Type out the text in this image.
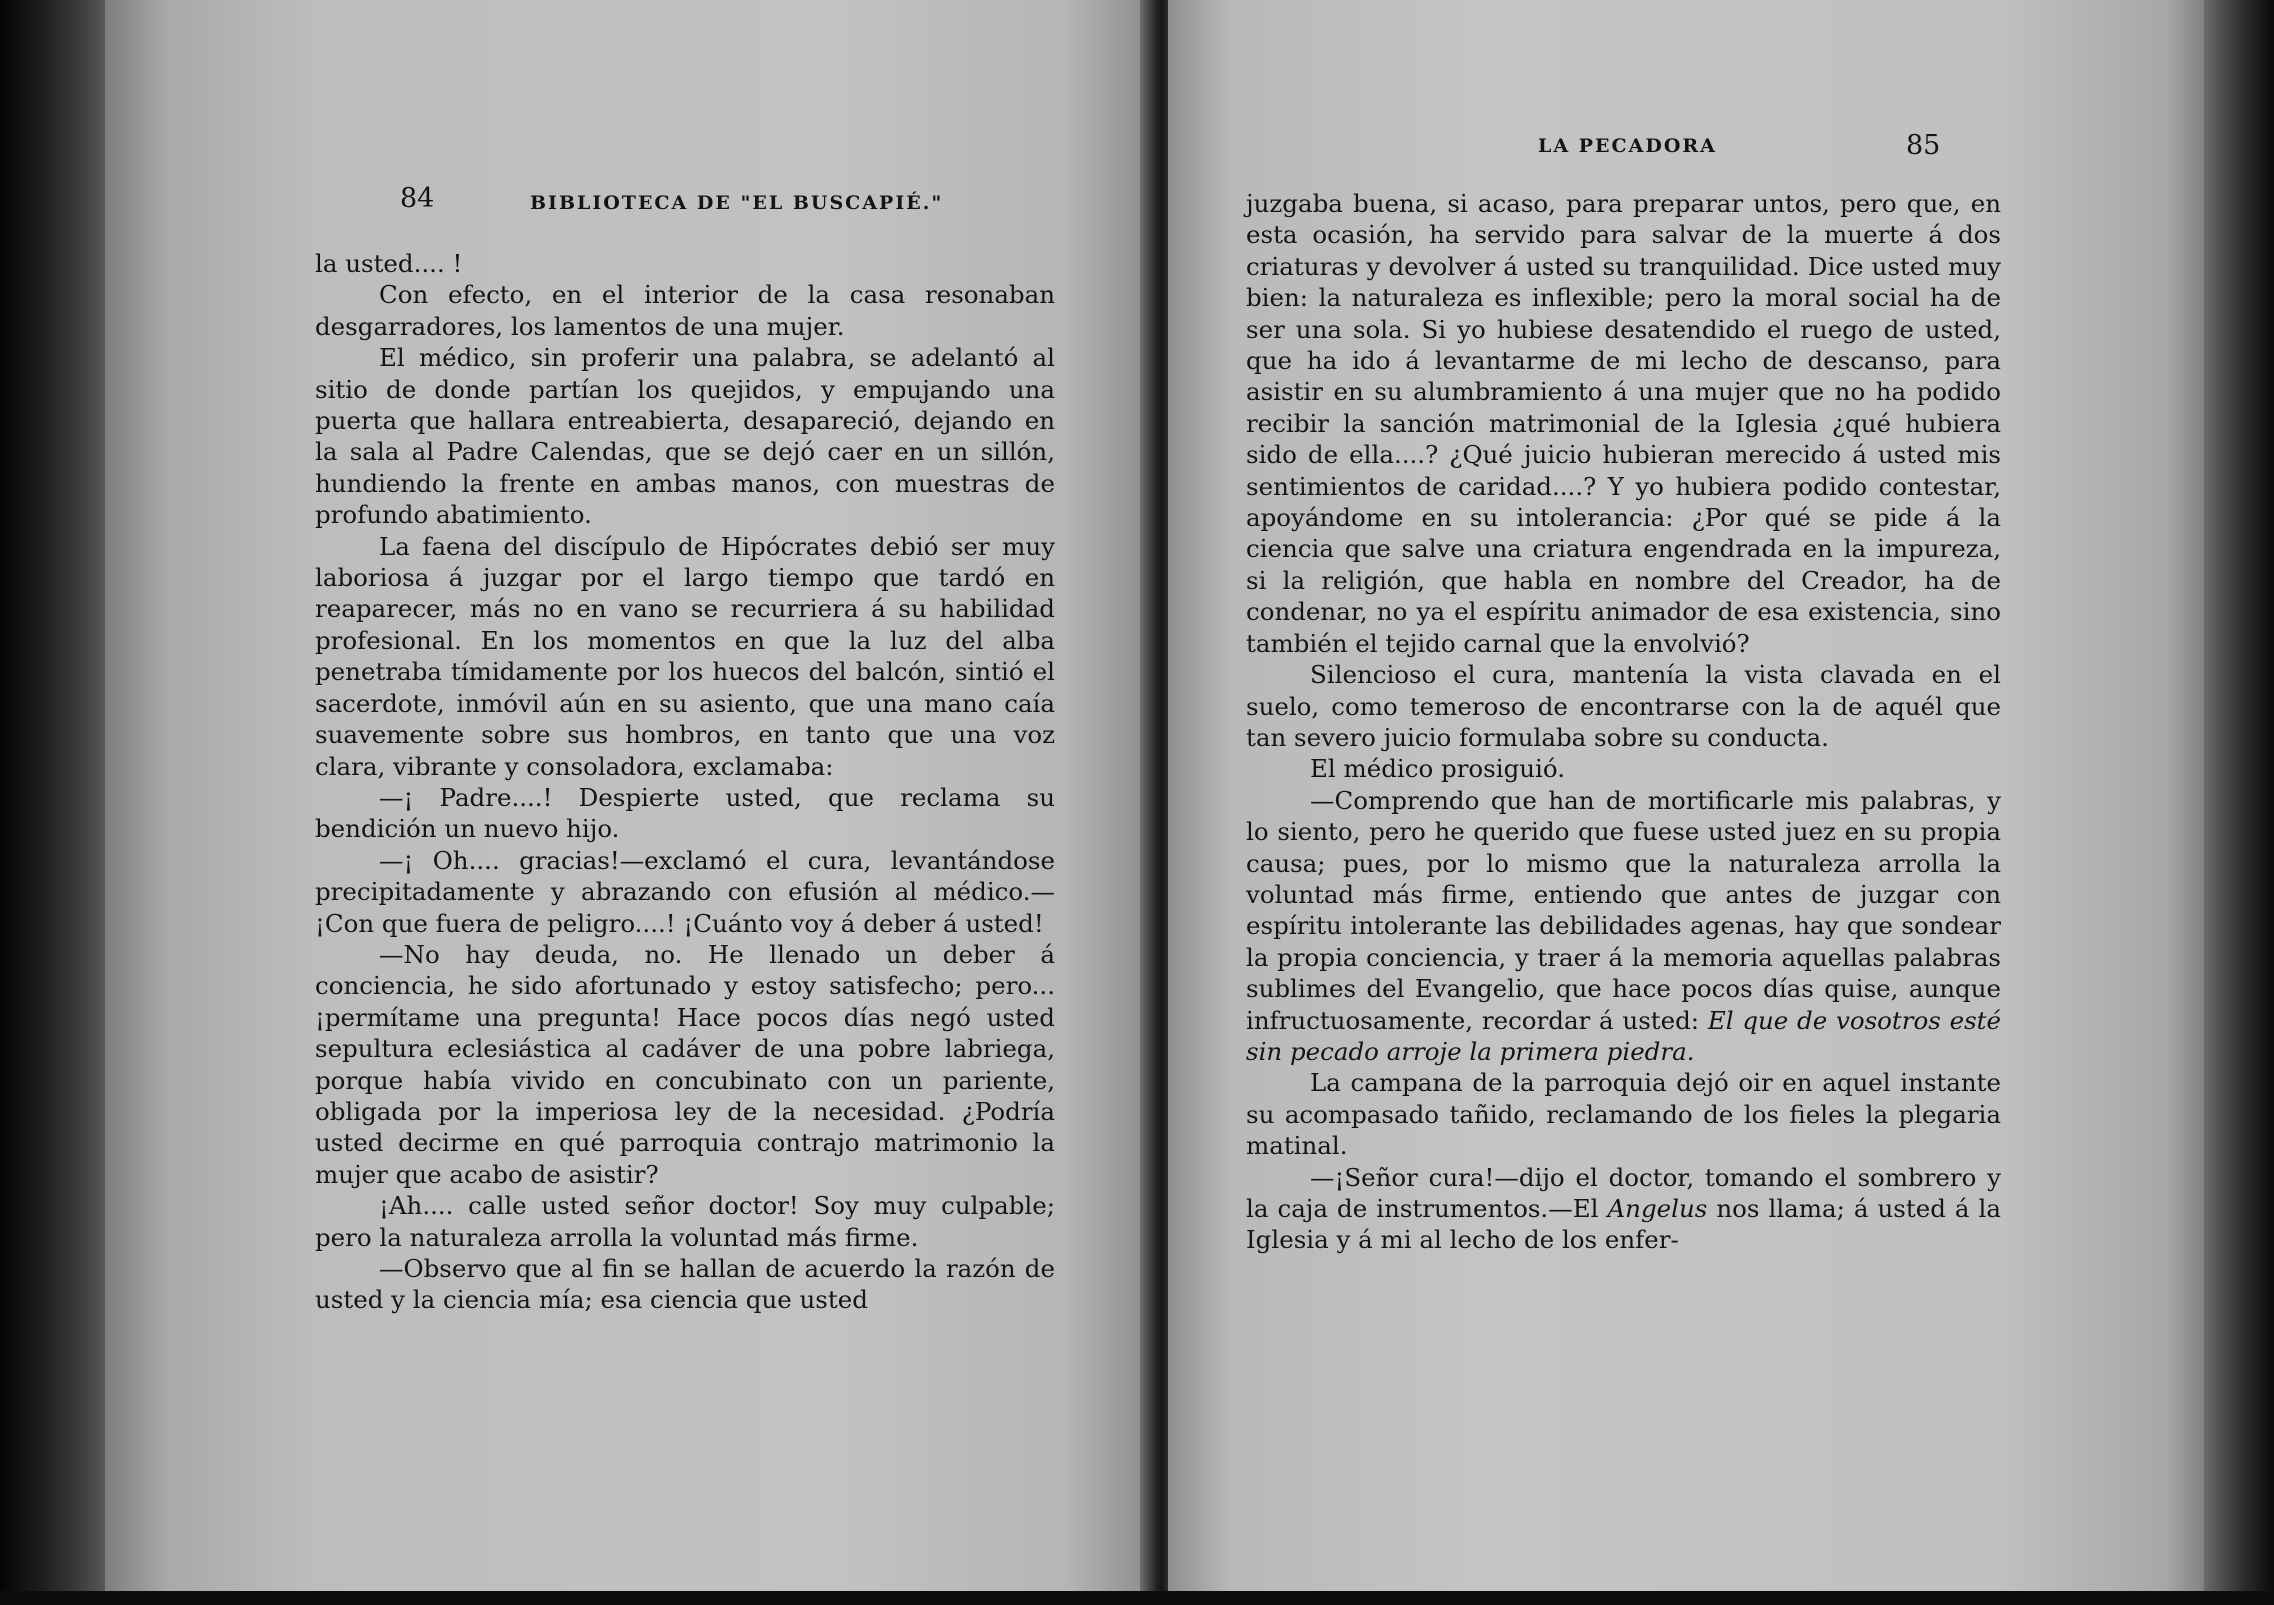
84	BIBLIOTECA DE "EL BUSCAPIÉ."

la usted.... !

Con efecto, en el interior de la casa resonaban desgarradores, los lamentos de una mujer.

El médico, sin proferir una palabra, se adelantó al sitio de donde partían los quejidos, y empujando una puerta que hallara entreabierta, desapareció, dejando en la sala al Padre Calendas, que se dejó caer en un sillón, hundiendo la frente en ambas manos, con muestras de profundo abatimiento.

La faena del discípulo de Hipócrates debió ser muy laboriosa á juzgar por el largo tiempo que tardó en reaparecer, más no en vano se recurriera á su habilidad profesional. En los momentos en que la luz del alba penetraba tímidamente por los huecos del balcón, sintió el sacerdote, inmóvil aún en su asiento, que una mano caía suavemente sobre sus hombros, en tanto que una voz clara, vibrante y consoladora, exclamaba:

—¡ Padre....! Despierte usted, que reclama su bendición un nuevo hijo.

—¡ Oh.... gracias!—exclamó el cura, levantándose precipitadamente y abrazando con efusión al médico.—¡Con que fuera de peligro....! ¡Cuánto voy á deber á usted!

—No hay deuda, no. He llenado un deber á conciencia, he sido afortunado y estoy satisfecho; pero... ¡permítame una pregunta! Hace pocos días negó usted sepultura eclesiástica al cadáver de una pobre labriega, porque había vivido en concubinato con un pariente, obligada por la imperiosa ley de la necesidad. ¿Podría usted decirme en qué parroquia contrajo matrimonio la mujer que acabo de asistir?

¡Ah.... calle usted señor doctor! Soy muy culpable; pero la naturaleza arrolla la voluntad más firme.

—Observo que al fin se hallan de acuerdo la razón de usted y la ciencia mía; esa ciencia que usted

LA PECADORA	85

juzgaba buena, si acaso, para preparar untos, pero que, en esta ocasión, ha servido para salvar de la muerte á dos criaturas y devolver á usted su tranquilidad. Dice usted muy bien: la naturaleza es inflexible; pero la moral social ha de ser una sola. Si yo hubiese desatendido el ruego de usted, que ha ido á levantarme de mi lecho de descanso, para asistir en su alumbramiento á una mujer que no ha podido recibir la sanción matrimonial de la Iglesia ¿qué hubiera sido de ella....? ¿Qué juicio hubieran merecido á usted mis sentimientos de caridad....? Y yo hubiera podido contestar, apoyándome en su intolerancia: ¿Por qué se pide á la ciencia que salve una criatura engendrada en la impureza, si la religión, que habla en nombre del Creador, ha de condenar, no ya el espíritu animador de esa existencia, sino también el tejido carnal que la envolvió?

Silencioso el cura, mantenía la vista clavada en el suelo, como temeroso de encontrarse con la de aquél que tan severo juicio formulaba sobre su conducta.

El médico prosiguió.

—Comprendo que han de mortificarle mis palabras, y lo siento, pero he querido que fuese usted juez en su propia causa; pues, por lo mismo que la naturaleza arrolla la voluntad más firme, entiendo que antes de juzgar con espíritu intolerante las debilidades agenas, hay que sondear la propia conciencia, y traer á la memoria aquellas palabras sublimes del Evangelio, que hace pocos días quise, aunque infructuosamente, recordar á usted: El que de vosotros esté sin pecado arroje la primera piedra.

La campana de la parroquia dejó oir en aquel instante su acompasado tañido, reclamando de los fieles la plegaria matinal.

—¡Señor cura!—dijo el doctor, tomando el sombrero y la caja de instrumentos.—El Angelus nos llama; á usted á la Iglesia y á mi al lecho de los enfer-
